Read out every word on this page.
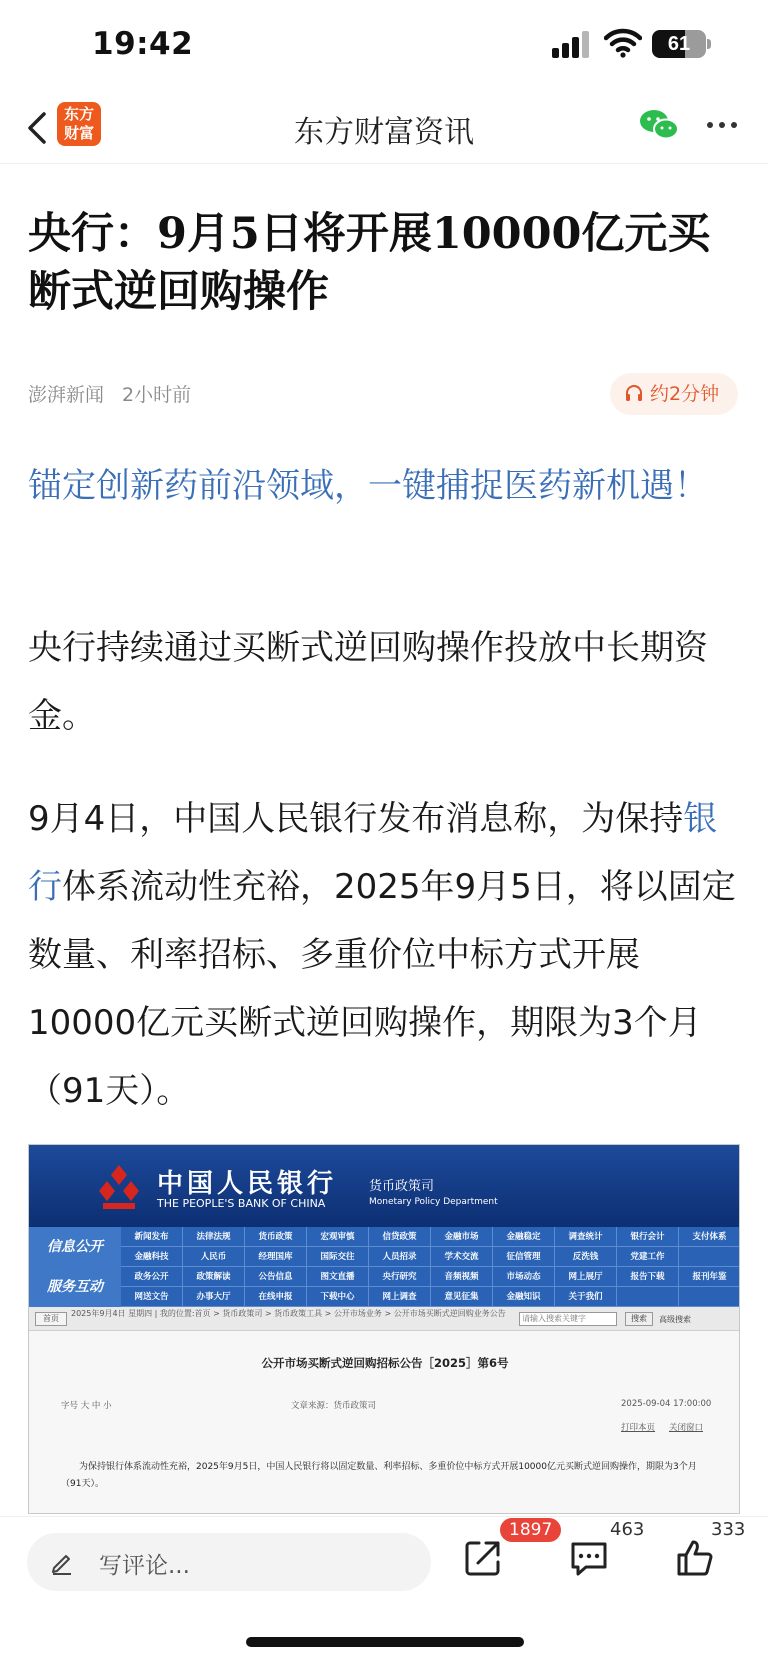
19:42	61
东方财富	东方财富资讯
央行：9月5日将开展10000亿元买断式逆回购操作
澎湃新闻 2小时前	约2分钟
锚定创新药前沿领域，一键捕捉医药新机遇！
央行持续通过买断式逆回购操作投放中长期资金。
9月4日，中国人民银行发布消息称，为保持银行体系流动性充裕，2025年9月5日，将以固定数量、利率招标、多重价位中标方式开展10000亿元买断式逆回购操作，期限为3个月（91天）。
中国人民银行
THE PEOPLE'S BANK OF CHINA
货币政策司
Monetary Policy Department
信息公开
服务互动
新闻发布	法律法规	货币政策	宏观审慎	信贷政策	金融市场	金融稳定	调查统计	银行会计	支付体系
金融科技	人民币	经理国库	国际交往	人员招录	学术交流	征信管理	反洗钱	党建工作
政务公开	政策解读	公告信息	图文直播	央行研究	音频视频	市场动态	网上展厅	报告下载	报刊年鉴
网送文告	办事大厅	在线申报	下载中心	网上调查	意见征集	金融知识	关于我们
首页
2025年9月4日 星期四 | 我的位置:首页 > 货币政策司 > 货币政策工具 > 公开市场业务 > 公开市场买断式逆回购业务公告
请输入搜索关键字	搜索	高级搜索
公开市场买断式逆回购招标公告［2025］第6号
字号 大 中 小	文章来源：货币政策司	2025-09-04 17:00:00
打印本页 关闭窗口
为保持银行体系流动性充裕，2025年9月5日，中国人民银行将以固定数量、利率招标、多重价位中标方式开展10000亿元买断式逆回购操作，期限为3个月（91天）。
写评论...
1897	463	333
